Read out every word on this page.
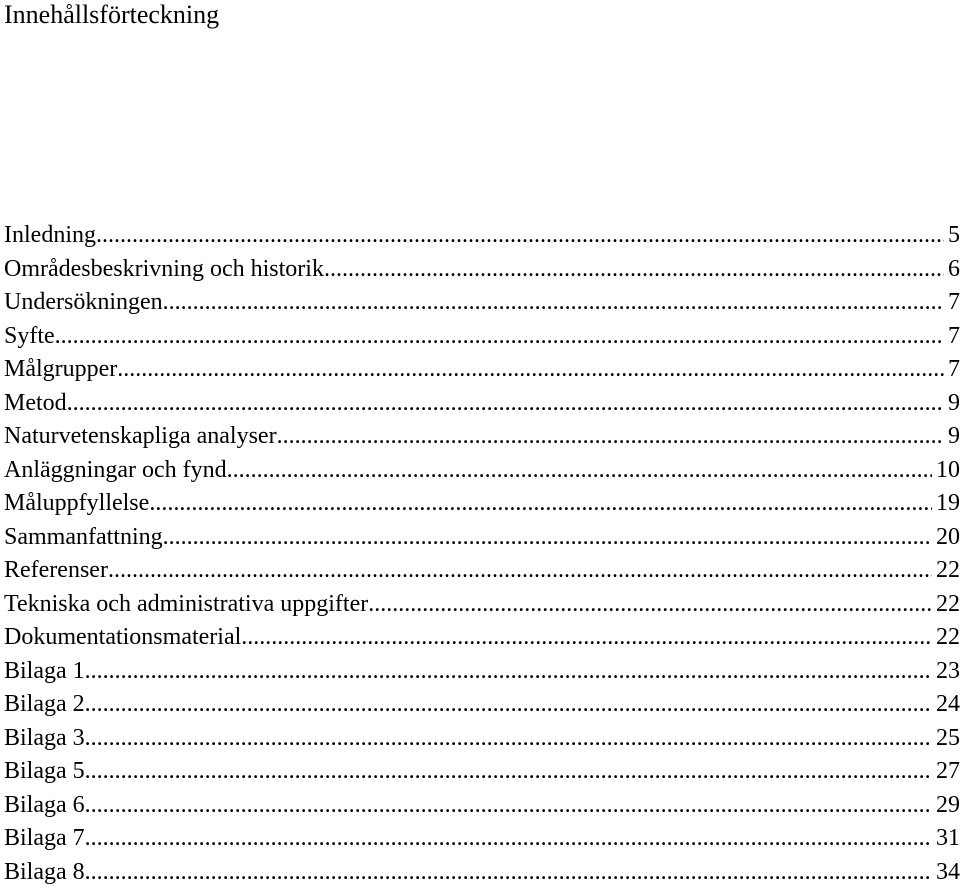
Innehållsförteckning
Inledning .....	5
Områdesbeskrivning och historik .....	6
Undersökningen .....	7
Syfte .....	7
Målgrupper .....	7
Metod .....	9
Naturvetenskapliga analyser .....	9
Anläggningar och fynd .....	10
Måluppfyllelse .....	19
Sammanfattning .....	20
Referenser .....	22
Tekniska och administrativa uppgifter .....	22
Dokumentationsmaterial .....	22
Bilaga 1 .....	23
Bilaga 2 .....	24
Bilaga 3 .....	25
Bilaga 5 .....	27
Bilaga 6 .....	29
Bilaga 7 .....	31
Bilaga 8 .....	34
